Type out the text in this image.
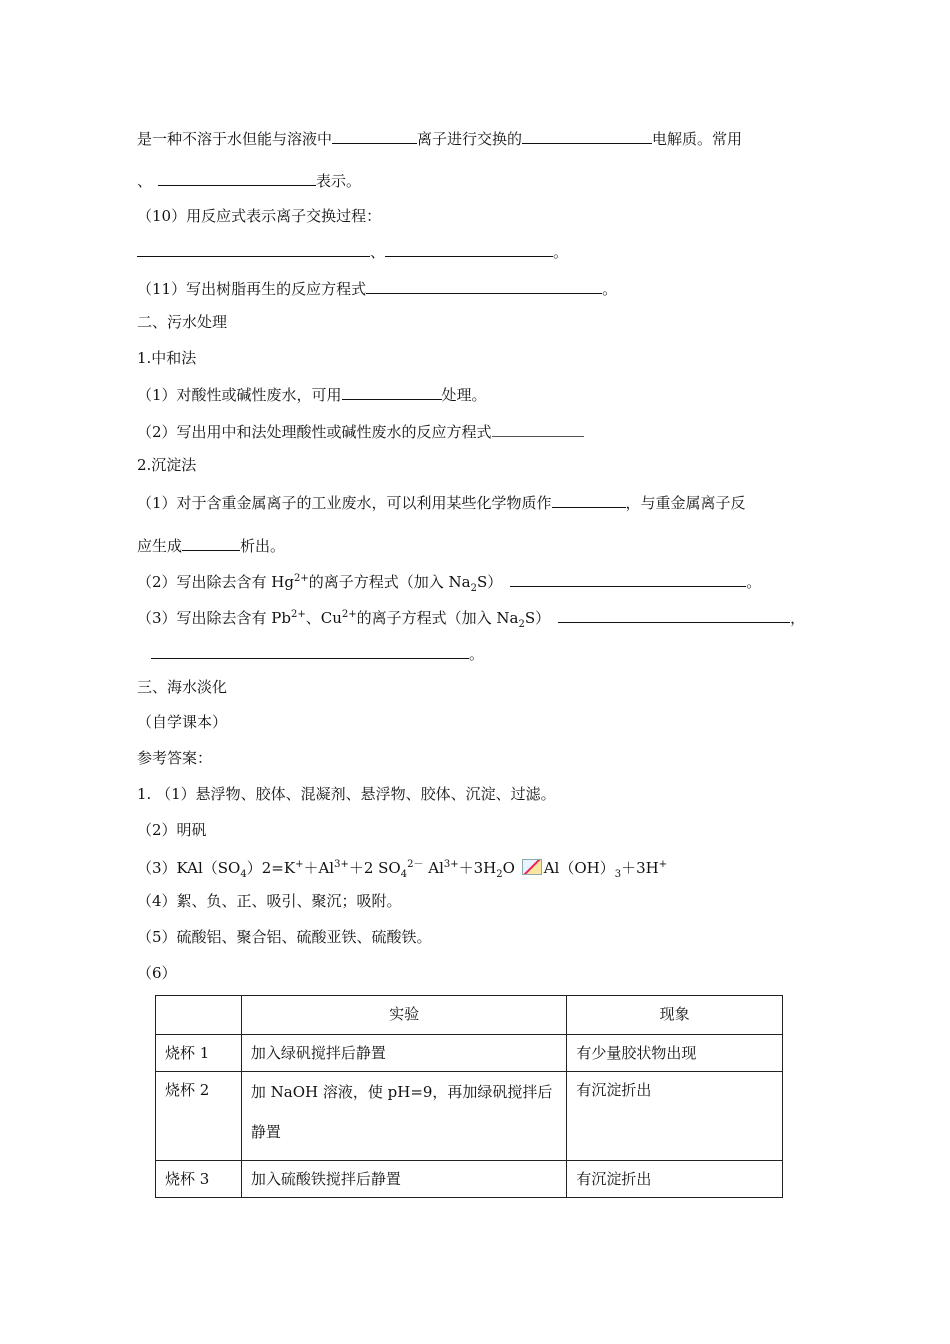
是一种不溶于水但能与溶液中	离子进行交换的	电解质。常用
、	表示。
（10）用反应式表示离子交换过程：
、	。
（11）写出树脂再生的反应方程式	。
二、污水处理
1.中和法
（1）对酸性或碱性废水，可用	处理。
（2）写出用中和法处理酸性或碱性废水的反应方程式
2.沉淀法
（1）对于含重金属离子的工业废水，可以利用某些化学物质作	，与重金属离子反
应生成	析出。
（2）写出除去含有 $Hg^{2+}$的离子方程式（加入 $Na_2S$）	。
（3）写出除去含有 $Pb^{2+}$、$Cu^{2+}$的离子方程式（加入 $Na_2S$）	，
。
三、海水淡化
（自学课本）
参考答案：
1. （1）悬浮物、胶体、混凝剂、悬浮物、胶体、沉淀、过滤。
（2）明矾
$(3)KAl(SO_4)2=K^++Al^{3+}+2$ $SO_4^{2-}$ $Al^{3+}+3H_2O$ $Al(OH)_3+3H^+$
（4）絮、负、正、吸引、聚沉；吸附。
（5）硫酸铝、聚合铝、硫酸亚铁、硫酸铁。
（6）
	实验	现象
烧杯 1	加入绿矾搅拌后静置	有少量胶状物出现
烧杯 2	加 NaOH 溶液，使 pH=9，再加绿矾搅拌后静置	有沉淀折出
烧杯 3	加入硫酸铁搅拌后静置	有沉淀折出
